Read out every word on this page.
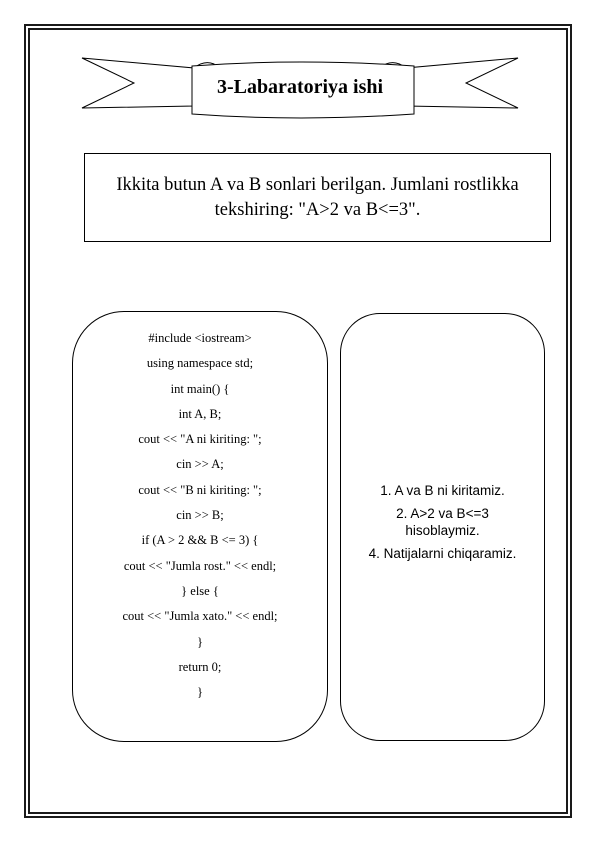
3-Labaratoriya ishi
Ikkita butun A va B sonlari berilgan. Jumlani rostlikka tekshiring: "A>2 va B<=3".
#include <iostream>
using namespace std;
int main() {
int A, B;
cout << "A ni kiriting: ";
cin >> A;
cout << "B ni kiriting: ";
cin >> B;
if (A > 2 && B <= 3) {
cout << "Jumla rost." << endl;
} else {
cout << "Jumla xato." << endl;
}
return 0;
}
1. A va B ni kiritamiz.
2. A>2 va B<=3 hisoblaymiz.
4. Natijalarni chiqaramiz.
